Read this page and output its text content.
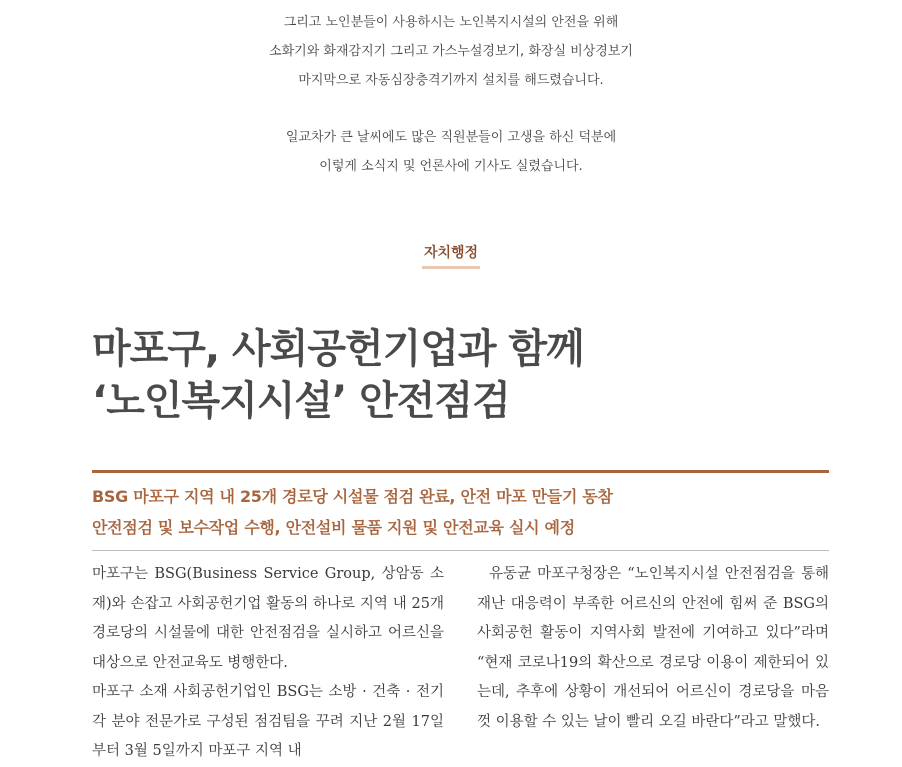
그리고 노인분들이 사용하시는 노인복지시설의 안전을 위해

소화기와 화재감지기 그리고 가스누설경보기, 화장실 비상경보기

마지막으로 자동심장충격기까지 설치를 해드렸습니다.

일교차가 큰 날씨에도 많은 직원분들이 고생을 하신 덕분에

이렇게 소식지 및 언론사에 기사도 실렸습니다.

자치행정
마포구, 사회공헌기업과 함께
‘노인복지시설’ 안전점검
BSG 마포구 지역 내 25개 경로당 시설물 점검 완료, 안전 마포 만들기 동참
안전점검 및 보수작업 수행, 안전설비 물품 지원 및 안전교육 실시 예정

마포구는 BSG(Business Service Group, 상암동 소재)와 손잡고 사회공헌기업 활동의 하나로 지역 내 25개 경로당의 시설물에 대한 안전점검을 실시하고 어르신을 대상으로 안전교육도 병행한다.

마포구 소재 사회공헌기업인 BSG는 소방 · 건축 · 전기 각 분야 전문가로 구성된 점검팀을 꾸려 지난 2월 17일부터 3월 5일까지 마포구 지역 내

유동균 마포구청장은 “노인복지시설 안전점검을 통해 재난 대응력이 부족한 어르신의 안전에 힘써 준 BSG의 사회공헌 활동이 지역사회 발전에 기여하고 있다”라며 “현재 코로나19의 확산으로 경로당 이용이 제한되어 있는데, 추후에 상황이 개선되어 어르신이 경로당을 마음껏 이용할 수 있는 날이 빨리 오길 바란다”라고 말했다.
